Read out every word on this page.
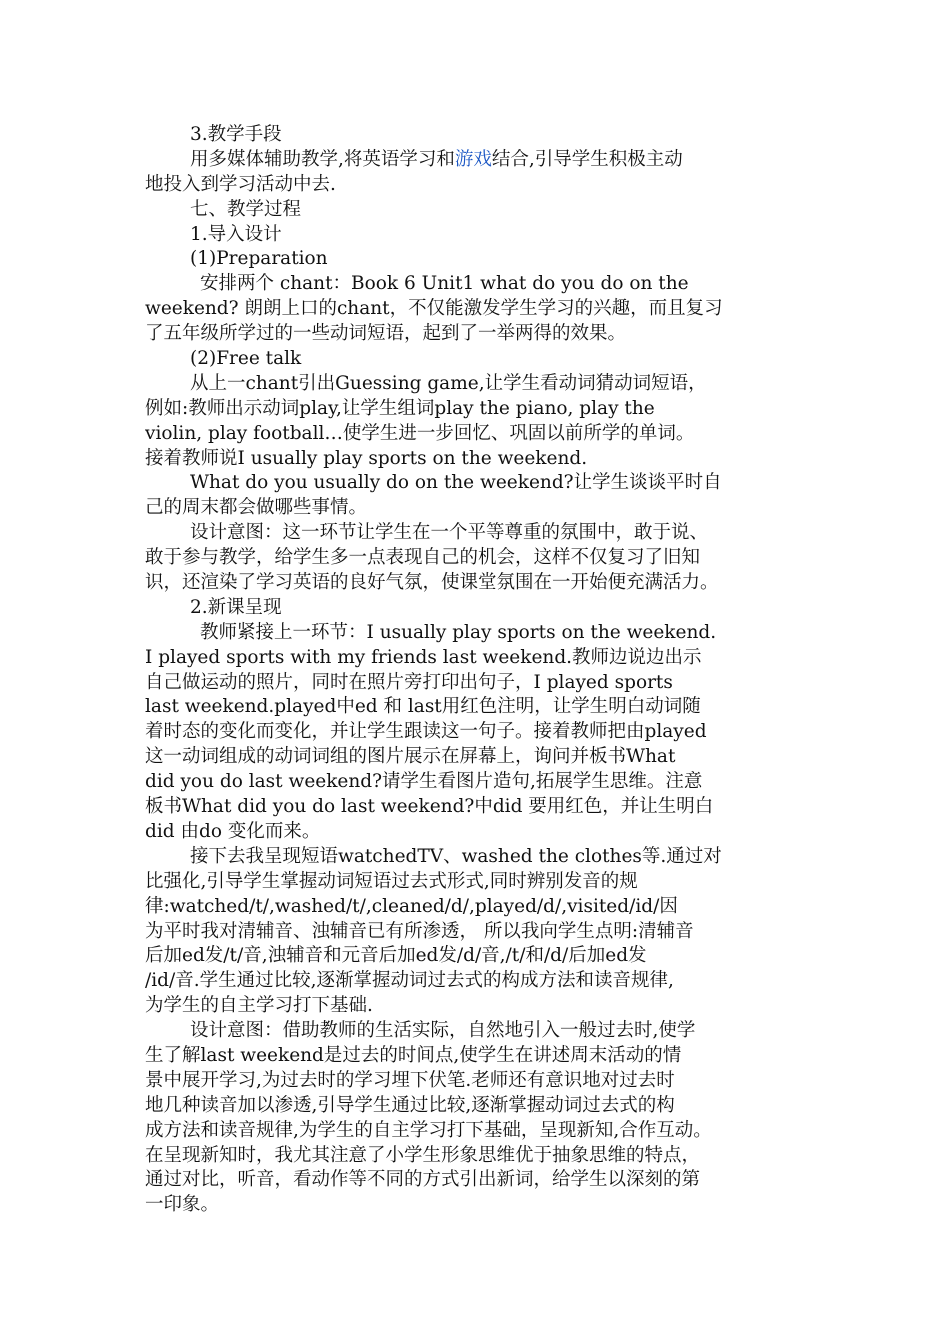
3.教学手段
用多媒体辅助教学,将英语学习和游戏结合,引导学生积极主动
地投入到学习活动中去.
七、教学过程
1.导入设计
(1)Preparation
安排两个 chant：Book 6 Unit1 what do you do on the
weekend? 朗朗上口的chant，不仅能激发学生学习的兴趣，而且复习
了五年级所学过的一些动词短语，起到了一举两得的效果。
(2)Free talk
从上一chant引出Guessing game,让学生看动词猜动词短语，
例如:教师出示动词play,让学生组词play the piano, play the
violin, play football…使学生进一步回忆、巩固以前所学的单词。
接着教师说I usually play sports on the weekend.
What do you usually do on the weekend?让学生谈谈平时自
己的周末都会做哪些事情。
设计意图：这一环节让学生在一个平等尊重的氛围中，敢于说、
敢于参与教学，给学生多一点表现自己的机会，这样不仅复习了旧知
识，还渲染了学习英语的良好气氛，使课堂氛围在一开始便充满活力。
2.新课呈现
教师紧接上一环节：I usually play sports on the weekend.
I played sports with my friends last weekend.教师边说边出示
自己做运动的照片，同时在照片旁打印出句子，I played sports
last weekend.played中ed 和 last用红色注明，让学生明白动词随
着时态的变化而变化，并让学生跟读这一句子。接着教师把由played
这一动词组成的动词词组的图片展示在屏幕上，询问并板书What
did you do last weekend?请学生看图片造句,拓展学生思维。注意
板书What did you do last weekend?中did 要用红色，并让生明白
did 由do 变化而来。
接下去我呈现短语watchedTV、washed the clothes等.通过对
比强化,引导学生掌握动词短语过去式形式,同时辨别发音的规
律:watched/t/,washed/t/,cleaned/d/,played/d/,visited/id/因
为平时我对清辅音、浊辅音已有所渗透， 所以我向学生点明:清辅音
后加ed发/t/音,浊辅音和元音后加ed发/d/音,/t/和/d/后加ed发
/id/音.学生通过比较,逐渐掌握动词过去式的构成方法和读音规律,
为学生的自主学习打下基础.
设计意图：借助教师的生活实际，自然地引入一般过去时,使学
生了解last weekend是过去的时间点,使学生在讲述周末活动的情
景中展开学习,为过去时的学习埋下伏笔.老师还有意识地对过去时
地几种读音加以渗透,引导学生通过比较,逐渐掌握动词过去式的构
成方法和读音规律,为学生的自主学习打下基础，呈现新知,合作互动。
在呈现新知时，我尤其注意了小学生形象思维优于抽象思维的特点，
通过对比，听音，看动作等不同的方式引出新词，给学生以深刻的第
一印象。
